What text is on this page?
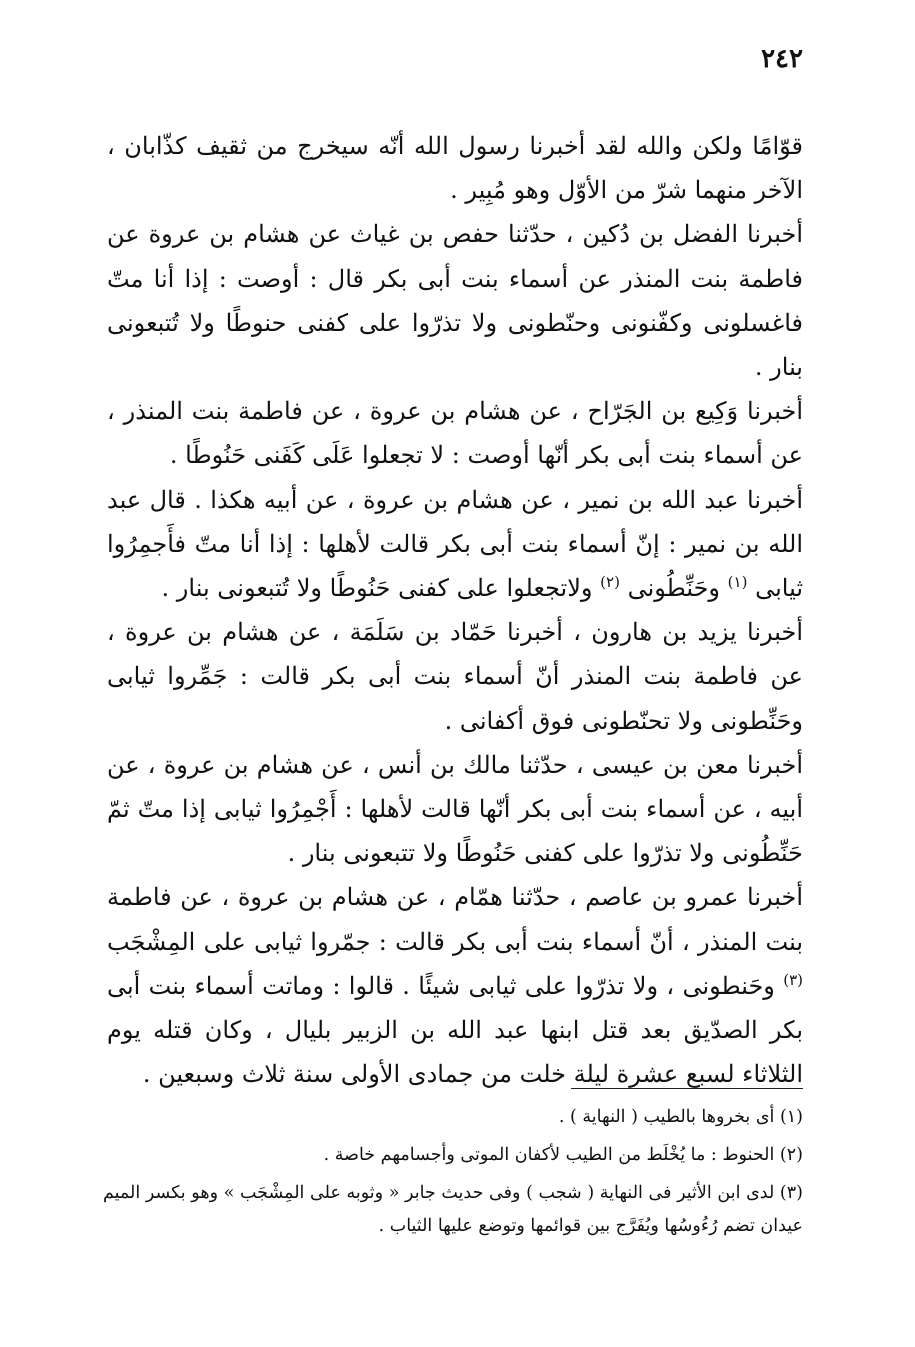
٢٤٢

قوّامًا ولكن والله لقد أخبرنا رسول الله أنّه سيخرج من ثقيف كذّابان ، الآخر منهما شرّ من الأوّل وهو مُبِير .

أخبرنا الفضل بن دُكين ، حدّثنا حفص بن غياث عن هشام بن عروة عن فاطمة بنت المنذر عن أسماء بنت أبى بكر قال : أوصت : إذا أنا متّ فاغسلونى وكفّنونى وحنّطونى ولا تذرّوا على كفنى حنوطًا ولا تُتبعونى بنار .

أخبرنا وَكِيع بن الجَرّاح ، عن هشام بن عروة ، عن فاطمة بنت المنذر ، عن أسماء بنت أبى بكر أنّها أوصت : لا تجعلوا عَلَى كَفَنى حَنُوطًا .

أخبرنا عبد الله بن نمير ، عن هشام بن عروة ، عن أبيه هكذا . قال عبد الله بن نمير : إنّ أسماء بنت أبى بكر قالت لأهلها : إذا أنا متّ فأَجمِرُوا ثيابى $^{(١)}$ وحَنِّطُونى $^{(٢)}$ ولاتجعلوا على كفنى حَنُوطًا ولا تُتبعونى بنار .

أخبرنا يزيد بن هارون ، أخبرنا حَمّاد بن سَلَمَة ، عن هشام بن عروة ، عن فاطمة بنت المنذر أنّ أسماء بنت أبى بكر قالت : جَمِّروا ثيابى وحَنِّطونى ولا تحنّطونى فوق أكفانى .

أخبرنا معن بن عيسى ، حدّثنا مالك بن أنس ، عن هشام بن عروة ، عن أبيه ، عن أسماء بنت أبى بكر أنّها قالت لأهلها : أَجْمِرُوا ثيابى إذا متّ ثمّ حَنِّطُونى ولا تذرّوا على كفنى حَنُوطًا ولا تتبعونى بنار .

أخبرنا عمرو بن عاصم ، حدّثنا همّام ، عن هشام بن عروة ، عن فاطمة بنت المنذر ، أنّ أسماء بنت أبى بكر قالت : جمّروا ثيابى على المِشْجَب $^{(٣)}$ وحَنطونى ، ولا تذرّوا على ثيابى شيئًا . قالوا : وماتت أسماء بنت أبى بكر الصدّيق بعد قتل ابنها عبد الله بن الزبير بليال ، وكان قتله يوم الثلاثاء لسبع عشرة ليلة خلت من جمادى الأولى سنة ثلاث وسبعين .

(١) أى بخروها بالطيب ( النهاية ) .

(٢) الحنوط : ما يُخْلَط من الطيب لأكفان الموتى وأجسامهم خاصة .

(٣) لدى ابن الأثير فى النهاية ( شجب ) وفى حديث جابر « وثوبه على المِشْجَب » وهو بكسر الميم عيدان تضم رُءُوسُها ويُفَرَّج بين قوائمها وتوضع عليها الثياب .
